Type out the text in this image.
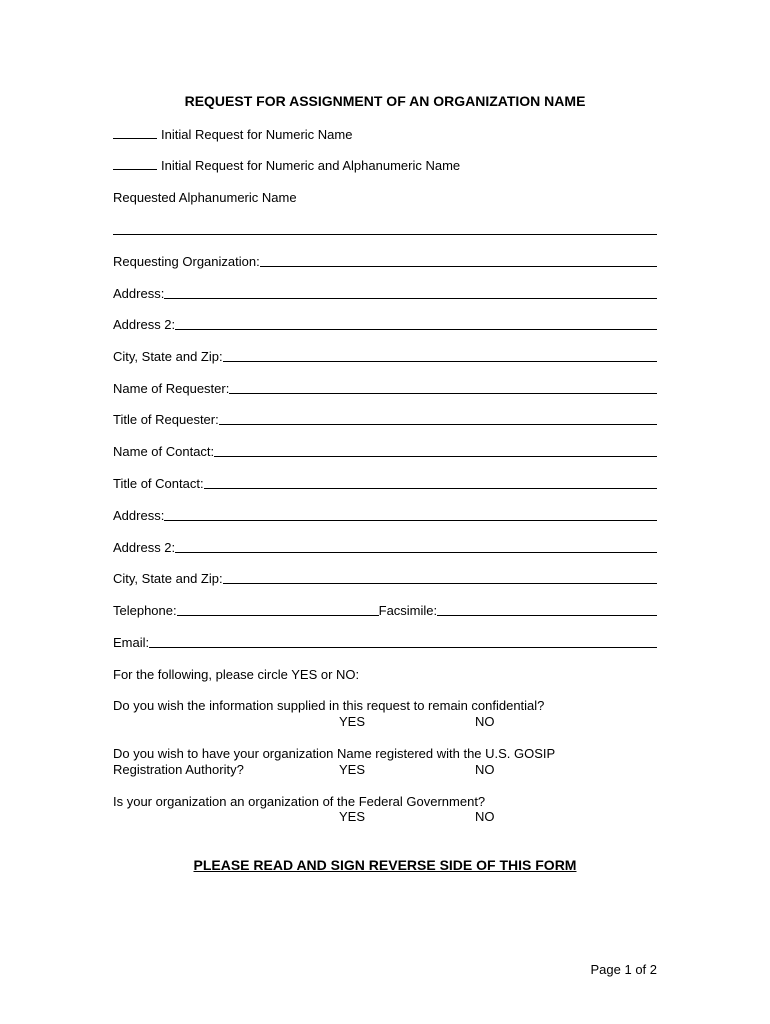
REQUEST FOR ASSIGNMENT OF AN ORGANIZATION NAME
Initial Request for Numeric Name
Initial Request for Numeric and Alphanumeric Name
Requested Alphanumeric Name
Requesting Organization:
Address:
Address 2:
City, State and Zip:
Name of Requester:
Title of Requester:
Name of Contact:
Title of Contact:
Address:
Address 2:
City, State and Zip:
Telephone:	Facsimile:
Email:
For the following, please circle YES or NO:
Do you wish the information supplied in this request to remain confidential?
YES	NO
Do you wish to have your organization Name registered with the U.S. GOSIP
Registration Authority?	YES	NO
Is your organization an organization of the Federal Government?
YES	NO
PLEASE READ AND SIGN REVERSE SIDE OF THIS FORM
Page 1 of 2
